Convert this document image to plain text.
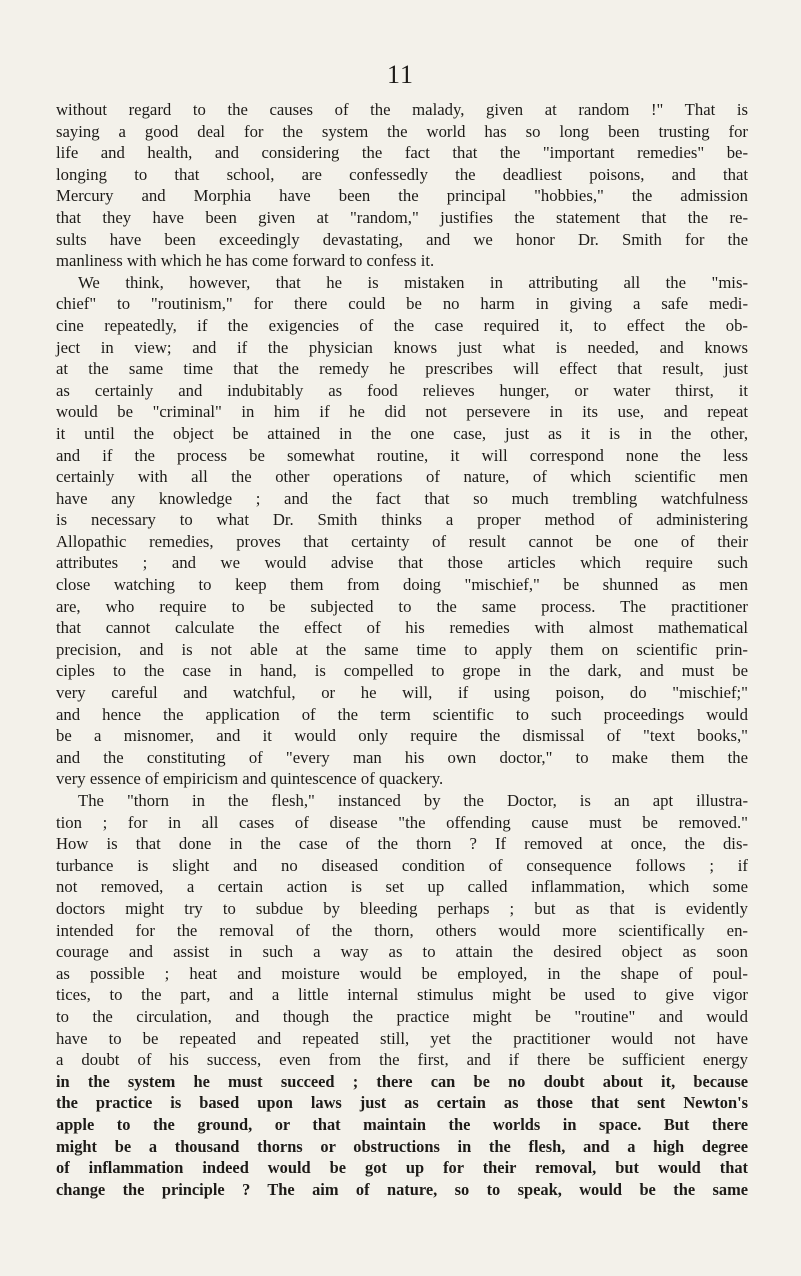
11
without regard to the causes of the malady, given at random !" That is
saying a good deal for the system the world has so long been trusting for
life and health, and considering the fact that the "important remedies" be-
longing to that school, are confessedly the deadliest poisons, and that
Mercury and Morphia have been the principal "hobbies," the admission
that they have been given at "random," justifies the statement that the re-
sults have been exceedingly devastating, and we honor Dr. Smith for the
manliness with which he has come forward to confess it.
We think, however, that he is mistaken in attributing all the "mis-
chief" to "routinism," for there could be no harm in giving a safe medi-
cine repeatedly, if the exigencies of the case required it, to effect the ob-
ject in view; and if the physician knows just what is needed, and knows
at the same time that the remedy he prescribes will effect that result, just
as certainly and indubitably as food relieves hunger, or water thirst, it
would be "criminal" in him if he did not persevere in its use, and repeat
it until the object be attained in the one case, just as it is in the other,
and if the process be somewhat routine, it will correspond none the less
certainly with all the other operations of nature, of which scientific men
have any knowledge ; and the fact that so much trembling watchfulness
is necessary to what Dr. Smith thinks a proper method of administering
Allopathic remedies, proves that certainty of result cannot be one of their
attributes ; and we would advise that those articles which require such
close watching to keep them from doing "mischief," be shunned as men
are, who require to be subjected to the same process. The practitioner
that cannot calculate the effect of his remedies with almost mathematical
precision, and is not able at the same time to apply them on scientific prin-
ciples to the case in hand, is compelled to grope in the dark, and must be
very careful and watchful, or he will, if using poison, do "mischief;"
and hence the application of the term scientific to such proceedings would
be a misnomer, and it would only require the dismissal of "text books,"
and the constituting of "every man his own doctor," to make them the
very essence of empiricism and quintescence of quackery.
The "thorn in the flesh," instanced by the Doctor, is an apt illustra-
tion ; for in all cases of disease "the offending cause must be removed."
How is that done in the case of the thorn ? If removed at once, the dis-
turbance is slight and no diseased condition of consequence follows ; if
not removed, a certain action is set up called inflammation, which some
doctors might try to subdue by bleeding perhaps ; but as that is evidently
intended for the removal of the thorn, others would more scientifically en-
courage and assist in such a way as to attain the desired object as soon
as possible ; heat and moisture would be employed, in the shape of poul-
tices, to the part, and a little internal stimulus might be used to give vigor
to the circulation, and though the practice might be "routine" and would
have to be repeated and repeated still, yet the practitioner would not have
a doubt of his success, even from the first, and if there be sufficient energy
in the system he must succeed ; there can be no doubt about it, because
the practice is based upon laws just as certain as those that sent Newton's
apple to the ground, or that maintain the worlds in space. But there
might be a thousand thorns or obstructions in the flesh, and a high degree
of inflammation indeed would be got up for their removal, but would that
change the principle ? The aim of nature, so to speak, would be the same
